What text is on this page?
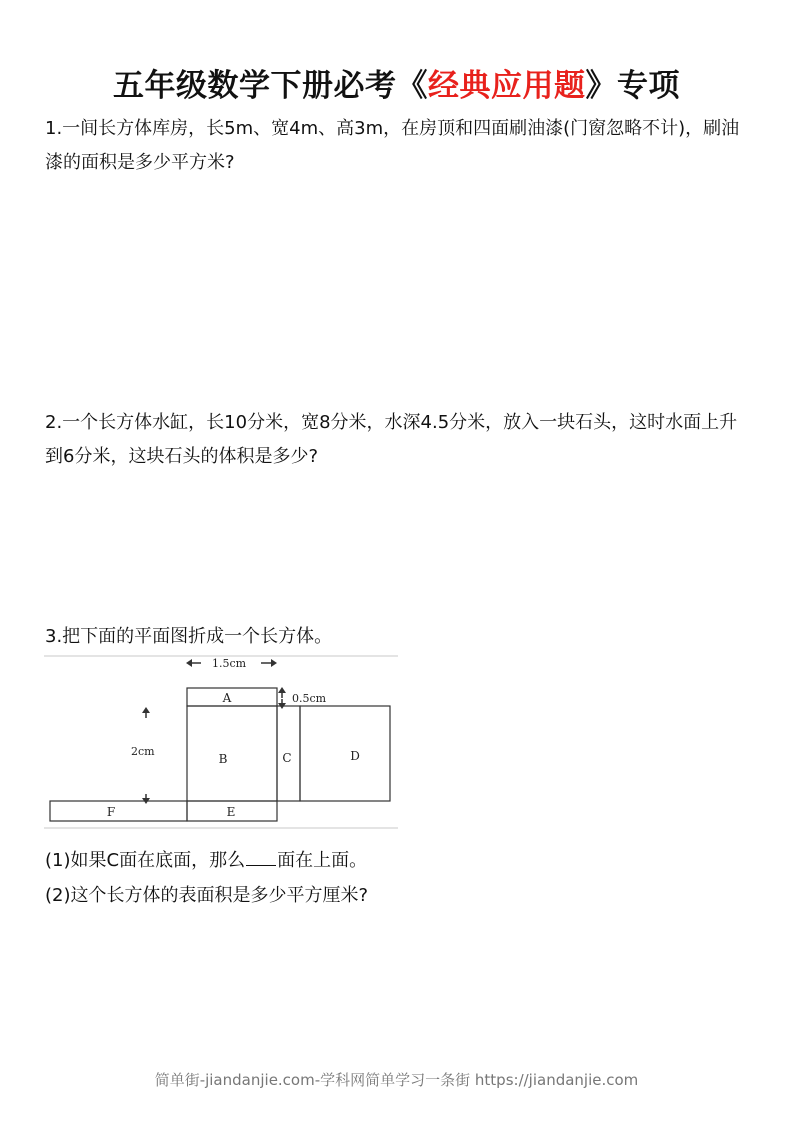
五年级数学下册必考《经典应用题》专项
1.一间长方体库房，长5m、宽4m、高3m，在房顶和四面刷油漆(门窗忽略不计)，刷油漆的面积是多少平方米?
2.一个长方体水缸，长10分米，宽8分米，水深4.5分米，放入一块石头，这时水面上升到6分米，这块石头的体积是多少?
3.把下面的平面图折成一个长方体。
1.5cm
A	0.5cm
B	C	D
2cm
F	E
(1)如果C面在底面，那么 面在上面。
(2)这个长方体的表面积是多少平方厘米?
简单街-jiandanjie.com-学科网简单学习一条街 https://jiandanjie.com
